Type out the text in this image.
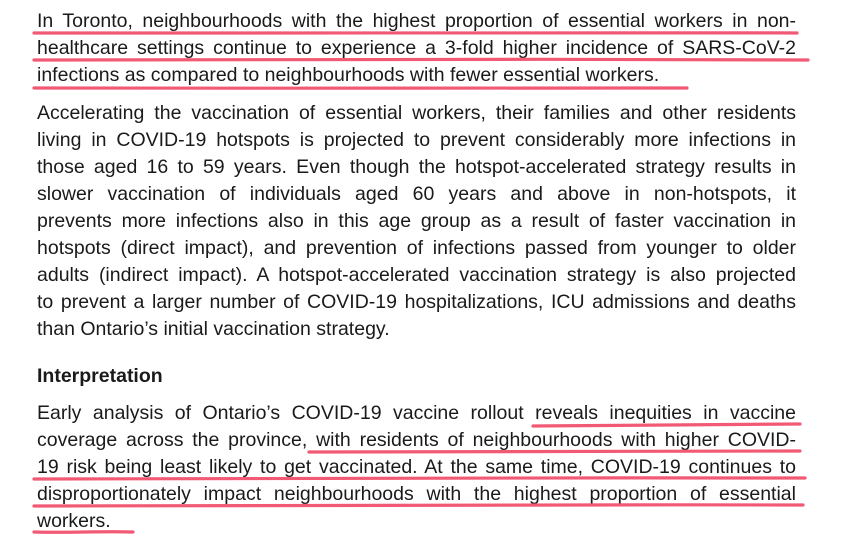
In Toronto, neighbourhoods with the highest proportion of essential workers in non-
healthcare settings continue to experience a 3-fold higher incidence of SARS-CoV-2
infections as compared to neighbourhoods with fewer essential workers.
Accelerating the vaccination of essential workers, their families and other residents
living in COVID-19 hotspots is projected to prevent considerably more infections in
those aged 16 to 59 years. Even though the hotspot-accelerated strategy results in
slower vaccination of individuals aged 60 years and above in non-hotspots, it
prevents more infections also in this age group as a result of faster vaccination in
hotspots (direct impact), and prevention of infections passed from younger to older
adults (indirect impact). A hotspot-accelerated vaccination strategy is also projected
to prevent a larger number of COVID-19 hospitalizations, ICU admissions and deaths
than Ontario’s initial vaccination strategy.
Interpretation
Early analysis of Ontario’s COVID-19 vaccine rollout reveals inequities in vaccine
coverage across the province, with residents of neighbourhoods with higher COVID-
19 risk being least likely to get vaccinated. At the same time, COVID-19 continues to
disproportionately impact neighbourhoods with the highest proportion of essential
workers.
